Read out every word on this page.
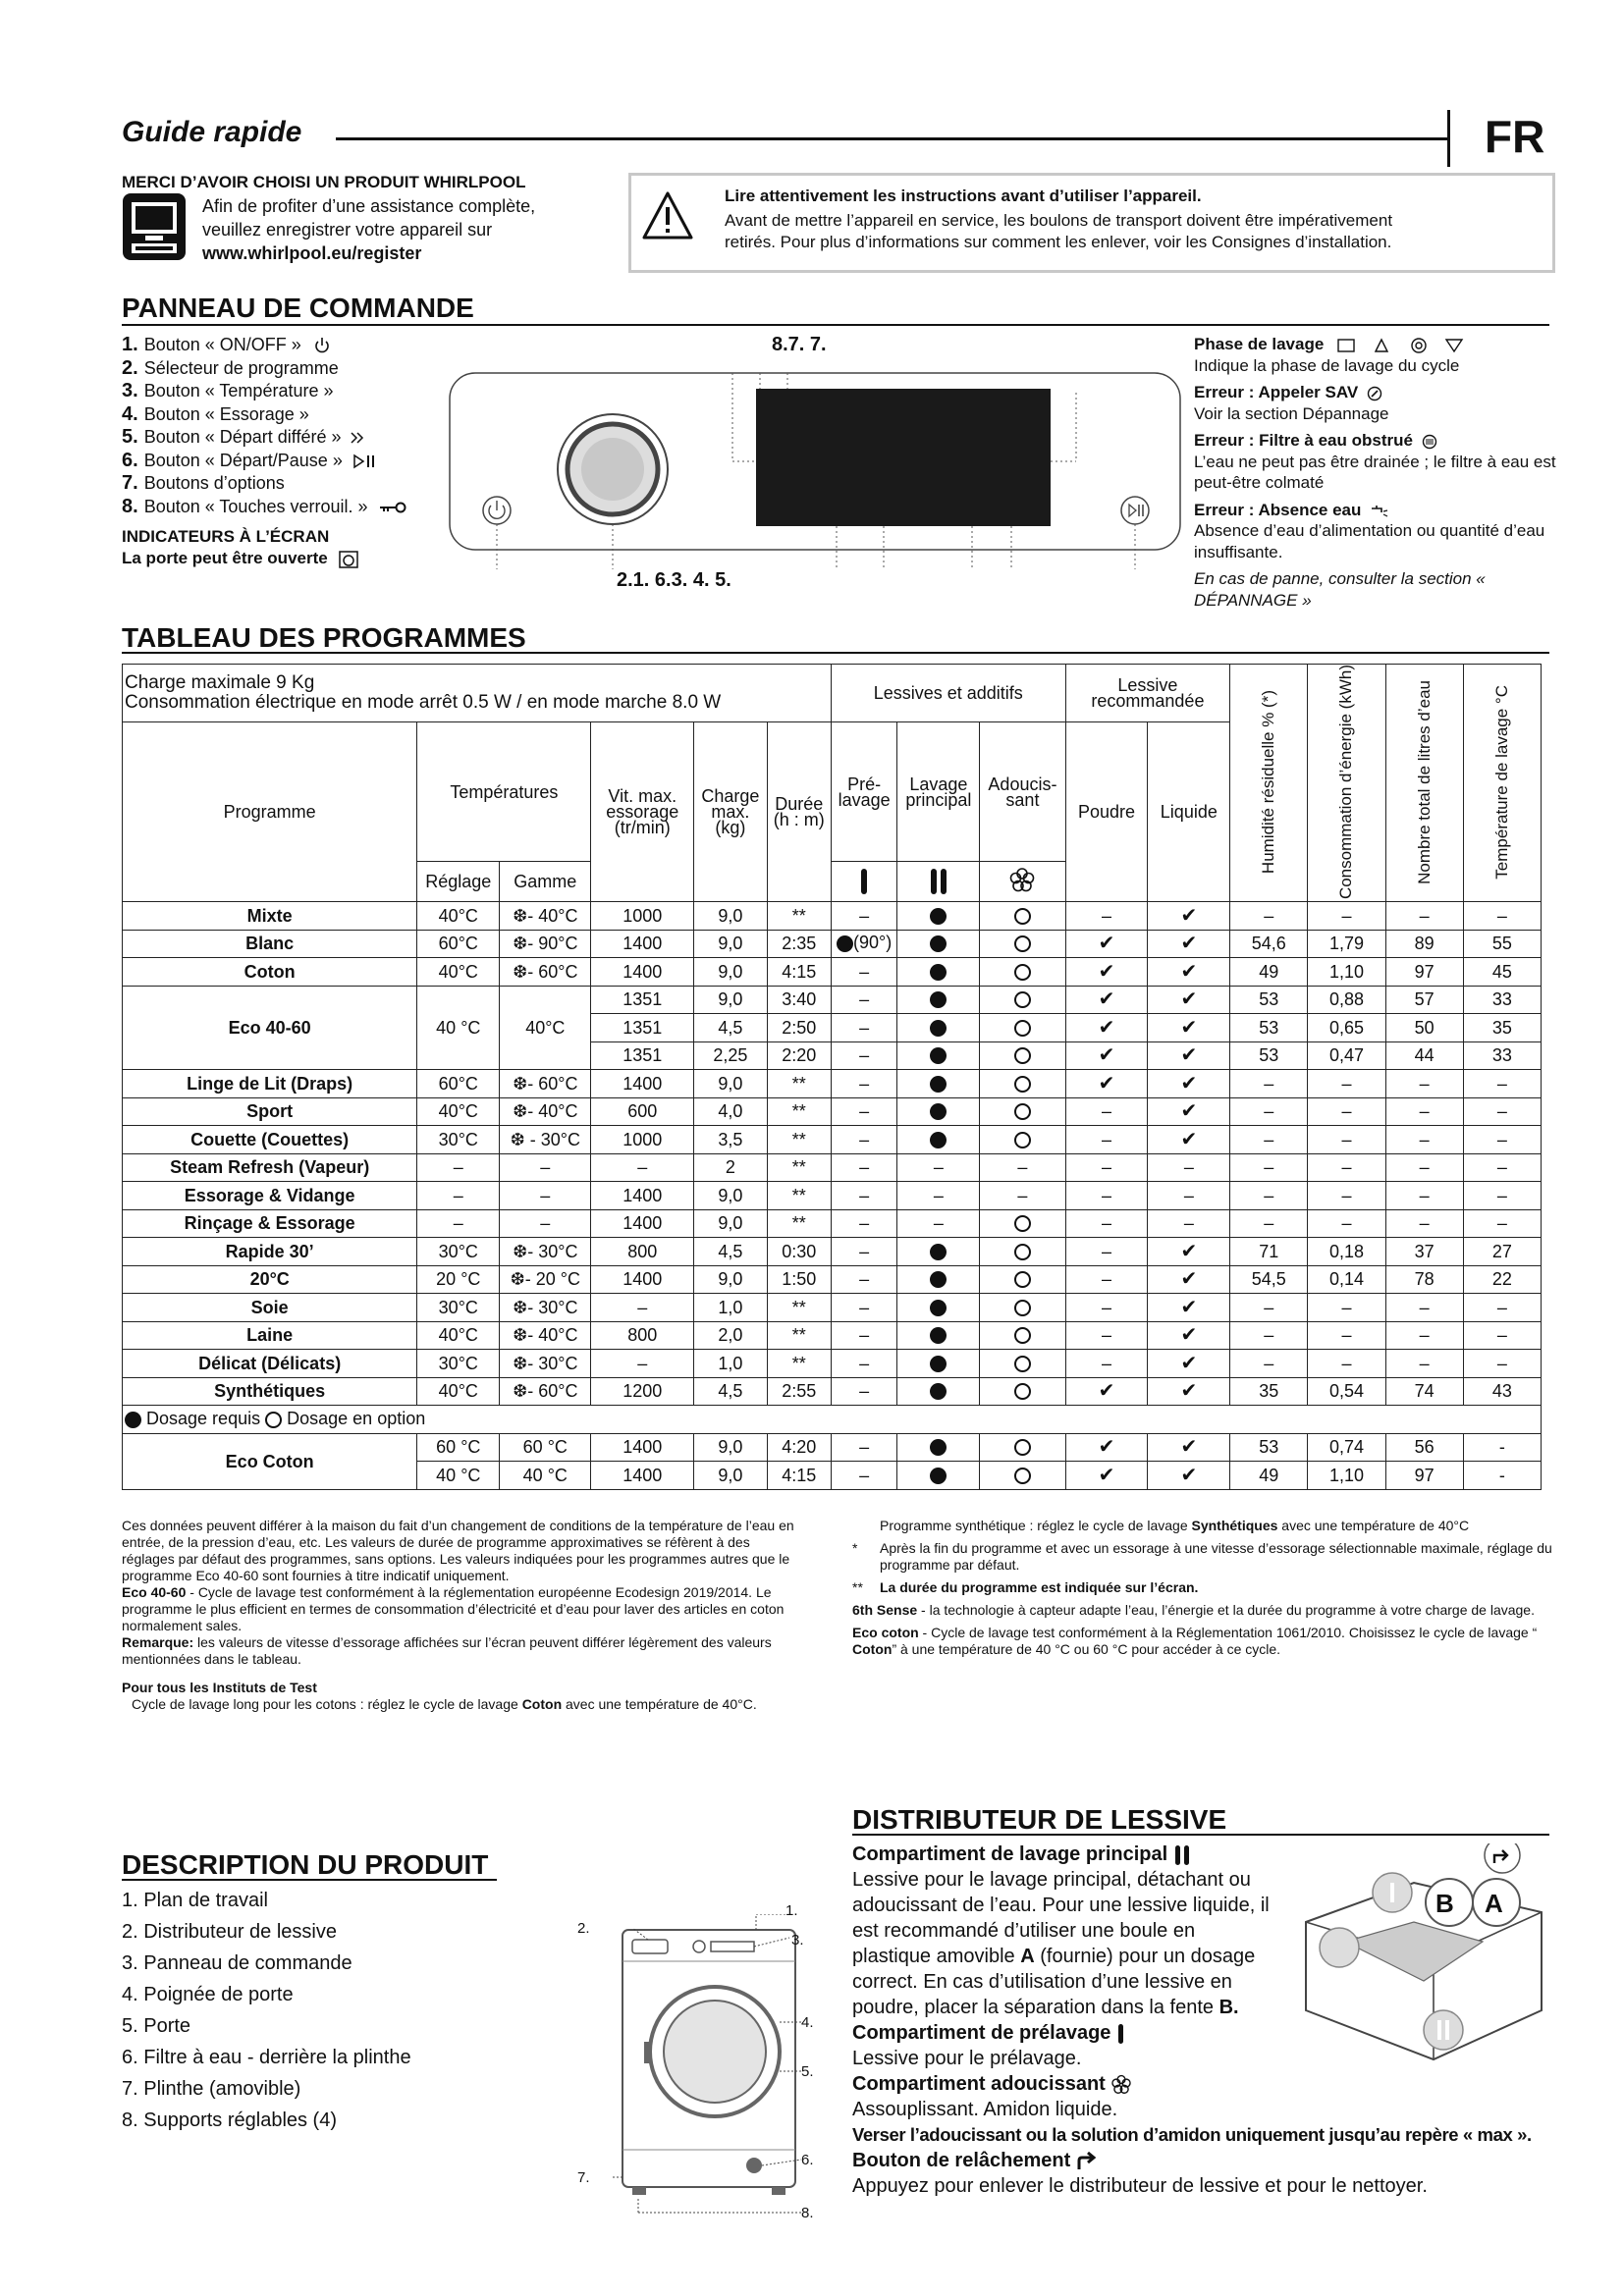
Guide rapide	FR
MERCI D’AVOIR CHOISI UN PRODUIT WHIRLPOOL
Afin de profiter d’une assistance complète,
veuillez enregistrer votre appareil sur
www.whirlpool.eu/register
Lire attentivement les instructions avant d’utiliser l’appareil.
Avant de mettre l’appareil en service, les boulons de transport doivent être impérativement
retirés. Pour plus d’informations sur comment les enlever, voir les Consignes d’installation.
PANNEAU DE COMMANDE
1. Bouton « ON/OFF »
2. Sélecteur de programme
3. Bouton « Température »
4. Bouton « Essorage »
5. Bouton « Départ différé »
6. Bouton « Départ/Pause »
7. Boutons d’options
8. Bouton « Touches verrouil. »
INDICATEURS À L’ÉCRAN
La porte peut être ouverte
8.7. 7.
2.1. 6.3. 4. 5.

Phase de lavage
Indique la phase de lavage du cycle

Erreur : Appeler SAV
Voir la section Dépannage

Erreur : Filtre à eau obstrué
L’eau ne peut pas être drainée ; le filtre à eau est peut-être colmaté

Erreur : Absence eau
Absence d’eau d’alimentation ou quantité d’eau insuffisante.

En cas de panne, consulter la section « DÉPANNAGE »

TABLEAU DES PROGRAMMES
Charge maximale 9 Kg
Consommation électrique en mode arrêt 0.5 W / en mode marche 8.0 W						Lessives et additifs			Lessive recommandée		Humidité résiduelle % (*)	Consommation d’énergie (kWh)	Nombre total de litres d’eau	Température de lavage °C
Programme	Températures		Vit. max. essorage (tr/min)	Charge max. (kg)	Durée (h : m)	Pré- lavage	Lavage principal	Adoucis- sant	Poudre	Liquide				
	Réglage	Gamme			
Mixte	40°C	❆- 40°C	1000	9,0	**	–			–	✔	–	–	–	–
Blanc	60°C	❆- 90°C	1400	9,0	2:35	(90°)			✔	✔	54,6	1,79	89	55
Coton	40°C	❆- 60°C	1400	9,0	4:15	–			✔	✔	49	1,10	97	45
Eco 40-60	40 °C	40°C	1351	9,0	3:40	–			✔	✔	53	0,88	57	33
			1351	4,5	2:50	–			✔	✔	53	0,65	50	35
			1351	2,25	2:20	–			✔	✔	53	0,47	44	33
Linge de Lit (Draps)	60°C	❆- 60°C	1400	9,0	**	–			✔	✔	–	–	–	–
Sport	40°C	❆- 40°C	600	4,0	**	–			–	✔	–	–	–	–
Couette (Couettes)	30°C	❆ - 30°C	1000	3,5	**	–			–	✔	–	–	–	–
Steam Refresh (Vapeur)	–	–	–	2	**	–	–	–	–	–	–	–	–	–
Essorage & Vidange	–	–	1400	9,0	**	–	–	–	–	–	–	–	–	–
Rinçage & Essorage	–	–	1400	9,0	**	–	–		–	–	–	–	–	–
Rapide 30’	30°C	❆- 30°C	800	4,5	0:30	–			–	✔	71	0,18	37	27
20°C	20 °C	❆- 20 °C	1400	9,0	1:50	–			–	✔	54,5	0,14	78	22
Soie	30°C	❆- 30°C	–	1,0	**	–			–	✔	–	–	–	–
Laine	40°C	❆- 40°C	800	2,0	**	–			–	✔	–	–	–	–
Délicat (Délicats)	30°C	❆- 30°C	–	1,0	**	–			–	✔	–	–	–	–
Synthétiques	40°C	❆- 60°C	1200	4,5	2:55	–			✔	✔	35	0,54	74	43
Dosage requis Dosage en option														
Eco Coton	60 °C	60 °C	1400	9,0	4:20	–			✔	✔	53	0,74	56	-
	40 °C	40 °C	1400	9,0	4:15	–			✔	✔	49	1,10	97	-

Ces données peuvent différer à la maison du fait d’un changement de conditions de la température de l’eau en entrée, de la pression d’eau, etc. Les valeurs de durée de programme approximatives se réfèrent à des réglages par défaut des programmes, sans options. Les valeurs indiquées pour les programmes autres que le programme Eco 40-60 sont fournies à titre indicatif uniquement.

Eco 40-60 - Cycle de lavage test conformément à la réglementation européenne Ecodesign 2019/2014. Le programme le plus efficient en termes de consommation d’électricité et d’eau pour laver des articles en coton normalement sales.

Remarque: les valeurs de vitesse d’essorage affichées sur l’écran peuvent différer légèrement des valeurs mentionnées dans le tableau.

Pour tous les Instituts de Test

Cycle de lavage long pour les cotons : réglez le cycle de lavage Coton avec une température de 40°C.

Programme synthétique : réglez le cycle de lavage Synthétiques avec une température de 40°C

*	Après la fin du programme et avec un essorage à une vitesse d’essorage sélectionnable maximale, réglage du programme par défaut.

**	La durée du programme est indiquée sur l’écran.

6th Sense - la technologie à capteur adapte l’eau, l’énergie et la durée du programme à votre charge de lavage.

Eco coton - Cycle de lavage test conformément à la Réglementation 1061/2010. Choisissez le cycle de lavage “ Coton” à une température de 40 °C ou 60 °C pour accéder à ce cycle.

DESCRIPTION DU PRODUIT
1. Plan de travail
2. Distributeur de lessive
3. Panneau de commande
4. Poignée de porte
5. Porte
6. Filtre à eau - derrière la plinthe
7. Plinthe (amovible)
8. Supports réglables (4)
1.
2.
3.
4.
5.
6.
7.
8.
DISTRIBUTEUR DE LESSIVE
B A

Compartiment de lavage principal

Lessive pour le lavage principal, détachant ou adoucissant de l’eau. Pour une lessive liquide, il est recommandé d’utiliser une boule en plastique amovible A (fournie) pour un dosage correct. En cas d’utilisation d’une lessive en poudre, placer la séparation dans la fente B.

Compartiment de prélavage

Lessive pour le prélavage.

Compartiment adoucissant

Assouplissant. Amidon liquide.

Verser l’adoucissant ou la solution d’amidon uniquement jusqu’au repère « max ».

Bouton de relâchement

Appuyez pour enlever le distributeur de lessive et pour le nettoyer.
